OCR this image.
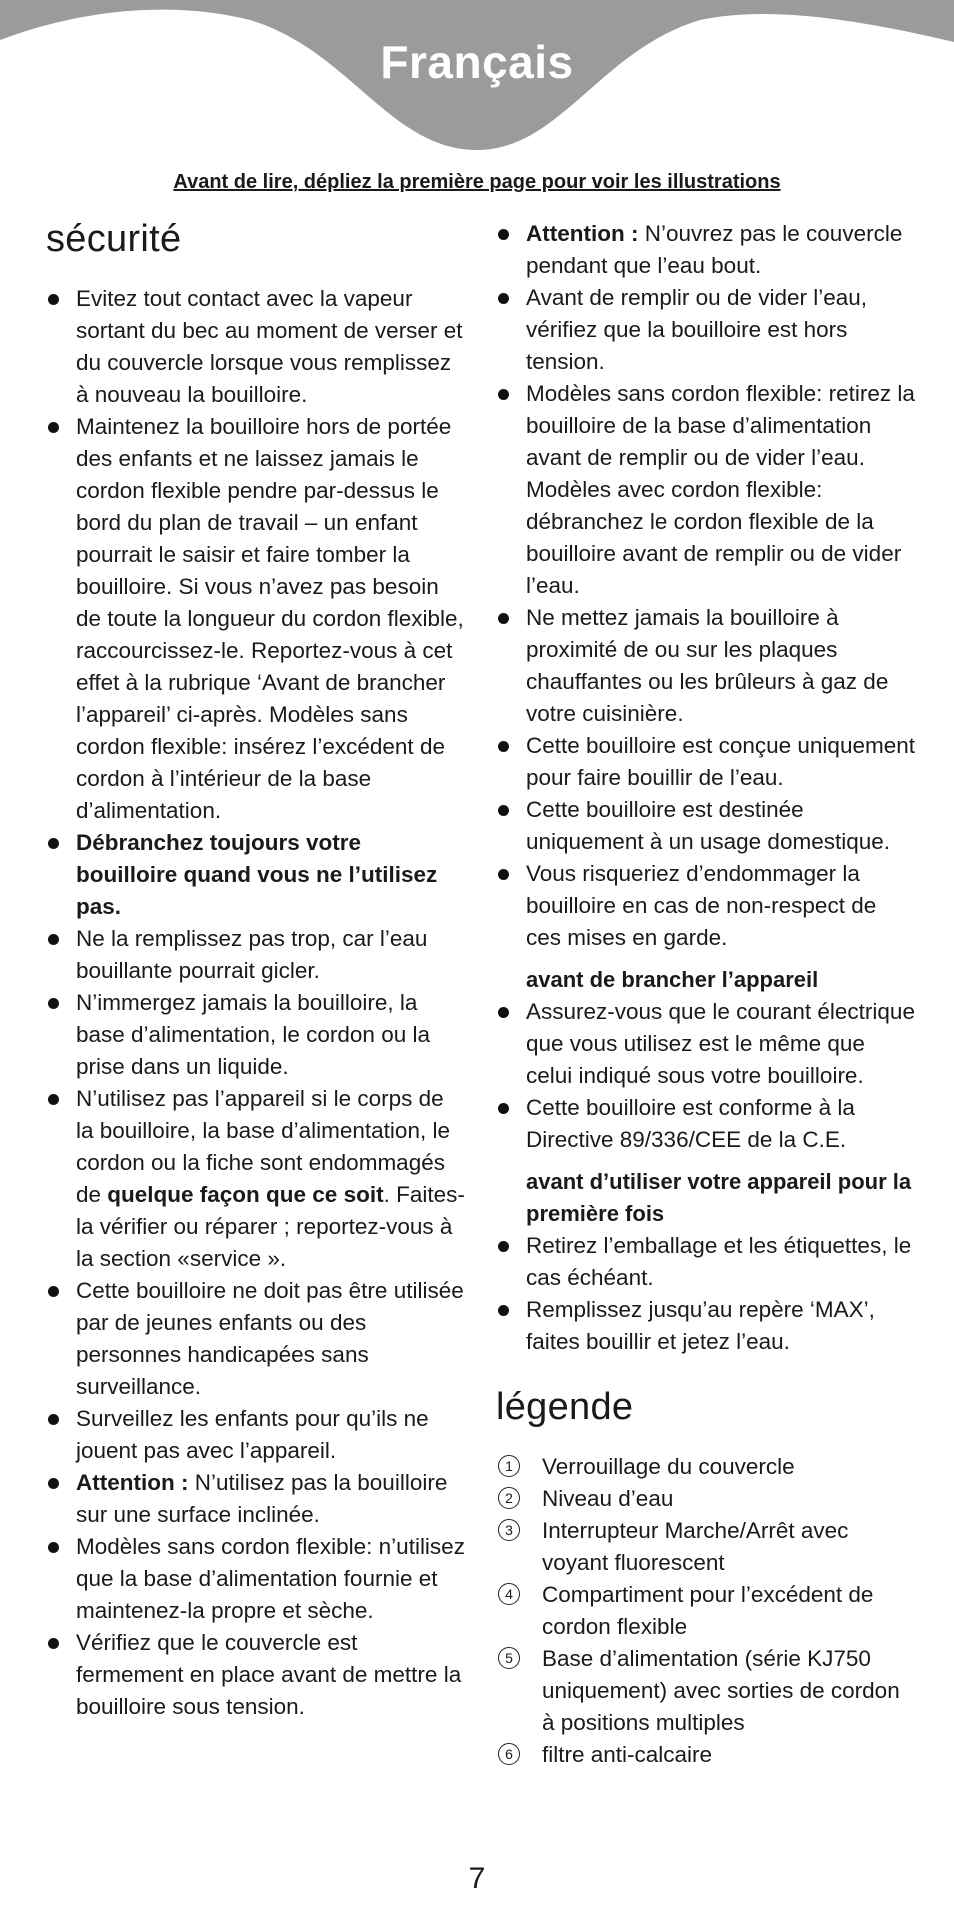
Français
Avant de lire, dépliez la première page pour voir les illustrations
sécurité
Evitez tout contact avec la vapeur sortant du bec au moment de verser et du couvercle lorsque vous remplissez à nouveau la bouilloire.
Maintenez la bouilloire hors de portée des enfants et ne laissez jamais le cordon flexible pendre par-dessus le bord du plan de travail – un enfant pourrait le saisir et faire tomber la bouilloire. Si vous n’avez pas besoin de toute la longueur du cordon flexible, raccourcissez-le. Reportez-vous à cet effet à la rubrique ‘Avant de brancher l’appareil’ ci-après. Modèles sans cordon flexible: insérez l’excédent de cordon à l’intérieur de la base d’alimentation.
Débranchez toujours votre bouilloire quand vous ne l’utilisez pas.
Ne la remplissez pas trop, car l’eau bouillante pourrait gicler.
N’immergez jamais la bouilloire, la base d’alimentation, le cordon ou la prise dans un liquide.
N’utilisez pas l’appareil si le corps de la bouilloire, la base d’alimentation, le cordon ou la fiche sont endommagés de quelque façon que ce soit. Faites-la vérifier ou réparer ; reportez-vous à la section «service ».
Cette bouilloire ne doit pas être utilisée par de jeunes enfants ou des personnes handicapées sans surveillance.
Surveillez les enfants pour qu’ils ne jouent pas avec l’appareil.
Attention : N’utilisez pas la bouilloire sur une surface inclinée.
Modèles sans cordon flexible: n’utilisez que la base d’alimentation fournie et maintenez-la propre et sèche.
Vérifiez que le couvercle est fermement en place avant de mettre la bouilloire sous tension.
Attention : N’ouvrez pas le couvercle pendant que l’eau bout.
Avant de remplir ou de vider l’eau, vérifiez que la bouilloire est hors tension.
Modèles sans cordon flexible: retirez la bouilloire de la base d’alimentation avant de remplir ou de vider l’eau. Modèles avec cordon flexible: débranchez le cordon flexible de la bouilloire avant de remplir ou de vider l’eau.
Ne mettez jamais la bouilloire à proximité de ou sur les plaques chauffantes ou les brûleurs à gaz de votre cuisinière.
Cette bouilloire est conçue uniquement pour faire bouillir de l’eau.
Cette bouilloire est destinée uniquement à un usage domestique.
Vous risqueriez d’endommager la bouilloire en cas de non-respect de ces mises en garde.
avant de brancher l’appareil
Assurez-vous que le courant électrique que vous utilisez est le même que celui indiqué sous votre bouilloire.
Cette bouilloire est conforme à la Directive 89/336/CEE de la C.E.
avant d’utiliser votre appareil pour la première fois
Retirez l’emballage et les étiquettes, le cas échéant.
Remplissez jusqu’au repère ‘MAX’, faites bouillir et jetez l’eau.
légende
1	Verrouillage du couvercle
2	Niveau d’eau
3	Interrupteur Marche/Arrêt avec voyant fluorescent
4	Compartiment pour l’excédent de cordon flexible
5	Base d’alimentation (série KJ750 uniquement) avec sorties de cordon à positions multiples
6	filtre anti-calcaire
7
